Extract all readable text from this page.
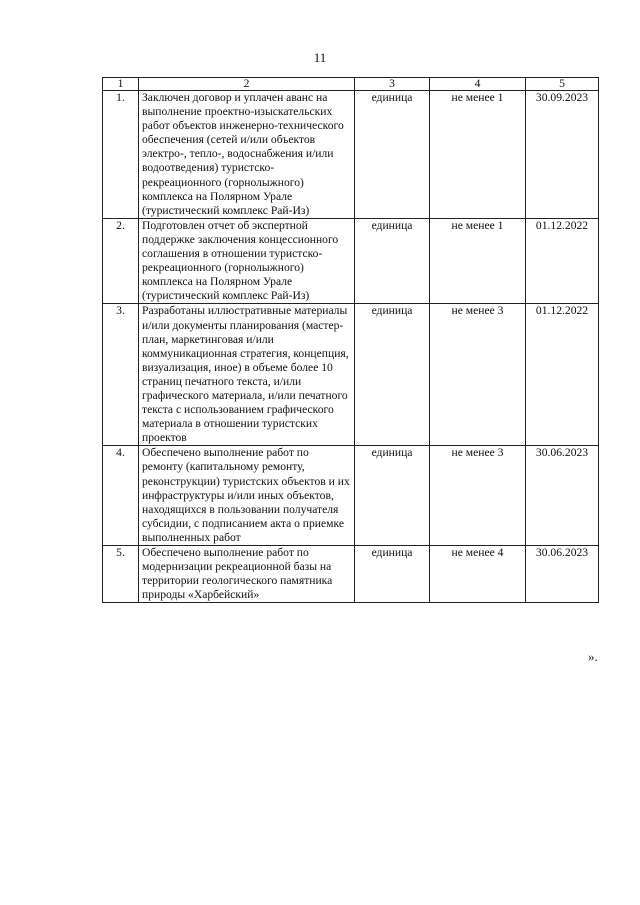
11
1	2	3	4	5
1.	Заключен договор и уплачен аванс на выполнение проектно-изыскательских работ объектов инженерно-технического обеспечения (сетей и/или объектов электро-, тепло-, водоснабжения и/или водоотведения) туристско-рекреационного (горнолыжного) комплекса на Полярном Урале (туристический комплекс Рай-Из)	единица	не менее 1	30.09.2023
2.	Подготовлен отчет об экспертной поддержке заключения концессионного соглашения в отношении туристско-рекреационного (горнолыжного) комплекса на Полярном Урале (туристический комплекс Рай-Из)	единица	не менее 1	01.12.2022
3.	Разработаны иллюстративные материалы и/или документы планирования (мастер-план, маркетинговая и/или коммуникационная стратегия, концепция, визуализация, иное) в объеме более 10 страниц печатного текста, и/или графического материала, и/или печатного текста с использованием графического материала в отношении туристских проектов	единица	не менее 3	01.12.2022
4.	Обеспечено выполнение работ по ремонту (капитальному ремонту, реконструкции) туристских объектов и их инфраструктуры и/или иных объектов, находящихся в пользовании получателя субсидии, с подписанием акта о приемке выполненных работ	единица	не менее 3	30.06.2023
5.	Обеспечено выполнение работ по модернизации рекреационной базы на территории геологического памятника природы «Харбейский»	единица	не менее 4	30.06.2023
».
